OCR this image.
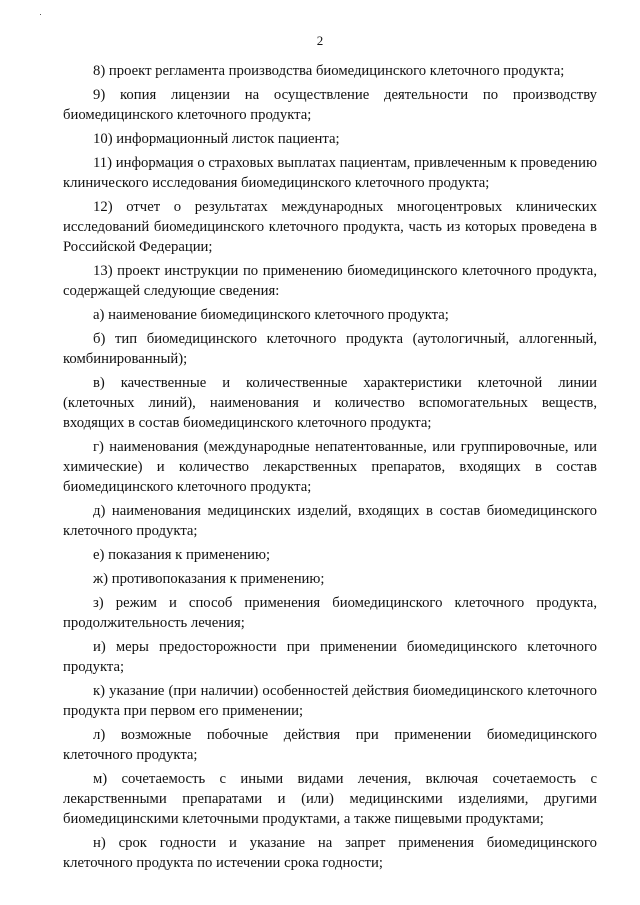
2

8) проект регламента производства биомедицинского клеточного продукта;

9) копия лицензии на осуществление деятельности по производству биомедицинского клеточного продукта;

10) информационный листок пациента;

11) информация о страховых выплатах пациентам, привлеченным к проведению клинического исследования биомедицинского клеточного продукта;

12) отчет о результатах международных многоцентровых клинических исследований биомедицинского клеточного продукта, часть из которых проведена в Российской Федерации;

13) проект инструкции по применению биомедицинского клеточного продукта, содержащей следующие сведения:

а) наименование биомедицинского клеточного продукта;

б) тип биомедицинского клеточного продукта (аутологичный, аллогенный, комбинированный);

в) качественные и количественные характеристики клеточной линии (клеточных линий), наименования и количество вспомогательных веществ, входящих в состав биомедицинского клеточного продукта;

г) наименования (международные непатентованные, или группировочные, или химические) и количество лекарственных препаратов, входящих в состав биомедицинского клеточного продукта;

д) наименования медицинских изделий, входящих в состав биомедицинского клеточного продукта;

е) показания к применению;

ж) противопоказания к применению;

з) режим и способ применения биомедицинского клеточного продукта, продолжительность лечения;

и) меры предосторожности при применении биомедицинского клеточного продукта;

к) указание (при наличии) особенностей действия биомедицинского клеточного продукта при первом его применении;

л) возможные побочные действия при применении биомедицинского клеточного продукта;

м) сочетаемость с иными видами лечения, включая сочетаемость с лекарственными препаратами и (или) медицинскими изделиями, другими биомедицинскими клеточными продуктами, а также пищевыми продуктами;

н) срок годности и указание на запрет применения биомедицинского клеточного продукта по истечении срока годности;
